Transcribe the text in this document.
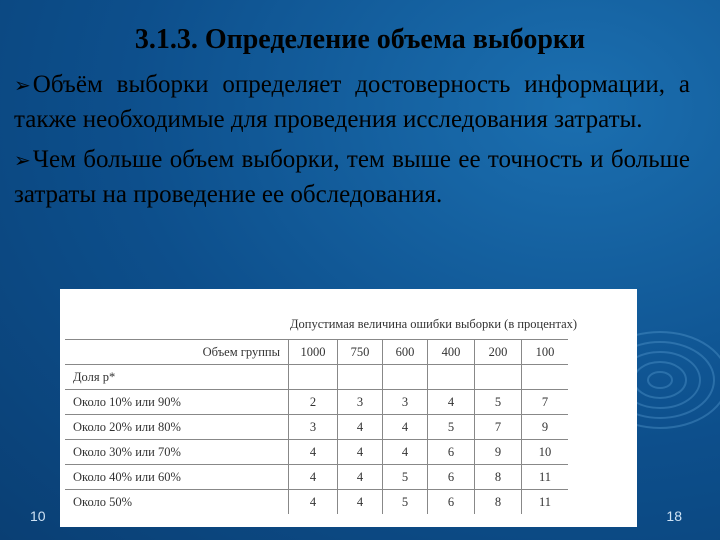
3.1.3. Определение объема выборки

➢Объём выборки определяет достоверность информации, а также необходимые для проведения исследования затраты.

➢Чем больше объем выборки, тем выше ее точность и больше затраты на проведение ее обследования.

Допустимая величина ошибки выборки (в процентах)

Объем группы	1000	750	600	400	200	100
Доля р*						
Около 10% или 90%	2	3	3	4	5	7
Около 20% или 80%	3	4	4	5	7	9
Около 30% или 70%	4	4	4	6	9	10
Около 40% или 60%	4	4	5	6	8	11
Около 50%	4	4	5	6	8	11
10	18
